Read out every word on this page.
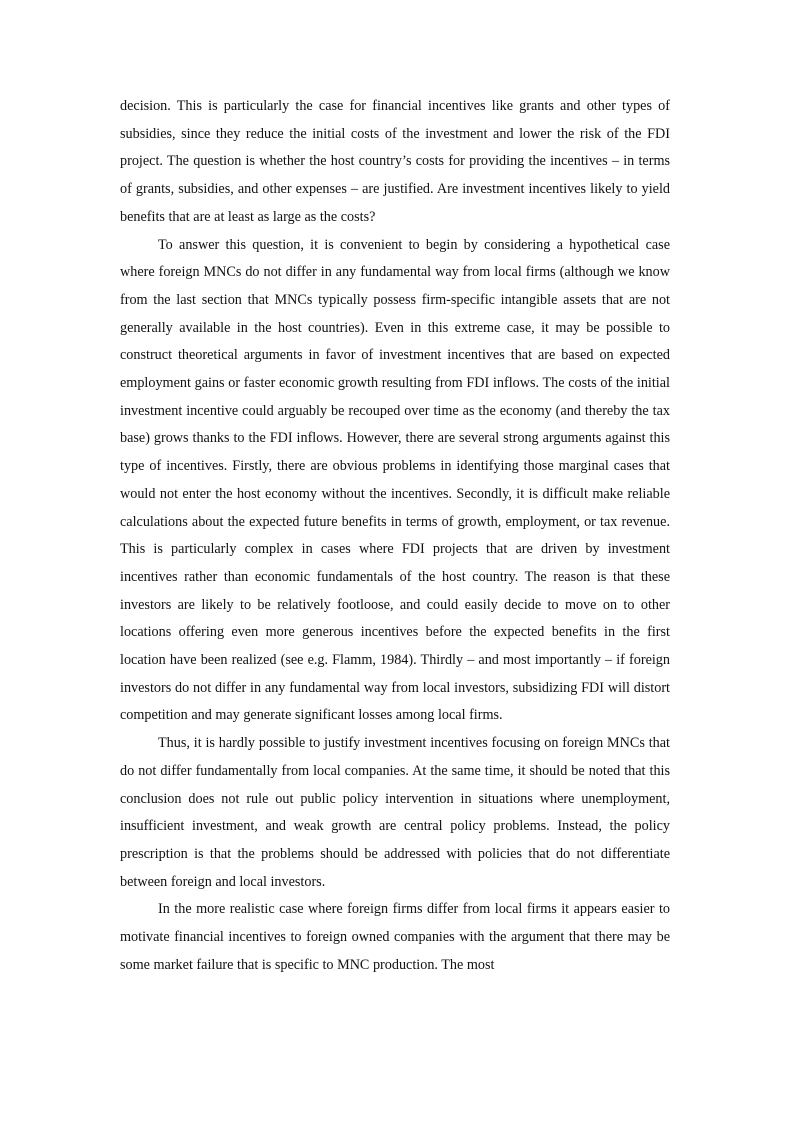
decision. This is particularly the case for financial incentives like grants and other types of subsidies, since they reduce the initial costs of the investment and lower the risk of the FDI project. The question is whether the host country’s costs for providing the incentives – in terms of grants, subsidies, and other expenses – are justified. Are investment incentives likely to yield benefits that are at least as large as the costs?

To answer this question, it is convenient to begin by considering a hypothetical case where foreign MNCs do not differ in any fundamental way from local firms (although we know from the last section that MNCs typically possess firm-specific intangible assets that are not generally available in the host countries). Even in this extreme case, it may be possible to construct theoretical arguments in favor of investment incentives that are based on expected employment gains or faster economic growth resulting from FDI inflows. The costs of the initial investment incentive could arguably be recouped over time as the economy (and thereby the tax base) grows thanks to the FDI inflows. However, there are several strong arguments against this type of incentives. Firstly, there are obvious problems in identifying those marginal cases that would not enter the host economy without the incentives. Secondly, it is difficult make reliable calculations about the expected future benefits in terms of growth, employment, or tax revenue. This is particularly complex in cases where FDI projects that are driven by investment incentives rather than economic fundamentals of the host country. The reason is that these investors are likely to be relatively footloose, and could easily decide to move on to other locations offering even more generous incentives before the expected benefits in the first location have been realized (see e.g. Flamm, 1984). Thirdly – and most importantly – if foreign investors do not differ in any fundamental way from local investors, subsidizing FDI will distort competition and may generate significant losses among local firms.

Thus, it is hardly possible to justify investment incentives focusing on foreign MNCs that do not differ fundamentally from local companies. At the same time, it should be noted that this conclusion does not rule out public policy intervention in situations where unemployment, insufficient investment, and weak growth are central policy problems. Instead, the policy prescription is that the problems should be addressed with policies that do not differentiate between foreign and local investors.

In the more realistic case where foreign firms differ from local firms it appears easier to motivate financial incentives to foreign owned companies with the argument that there may be some market failure that is specific to MNC production. The most
